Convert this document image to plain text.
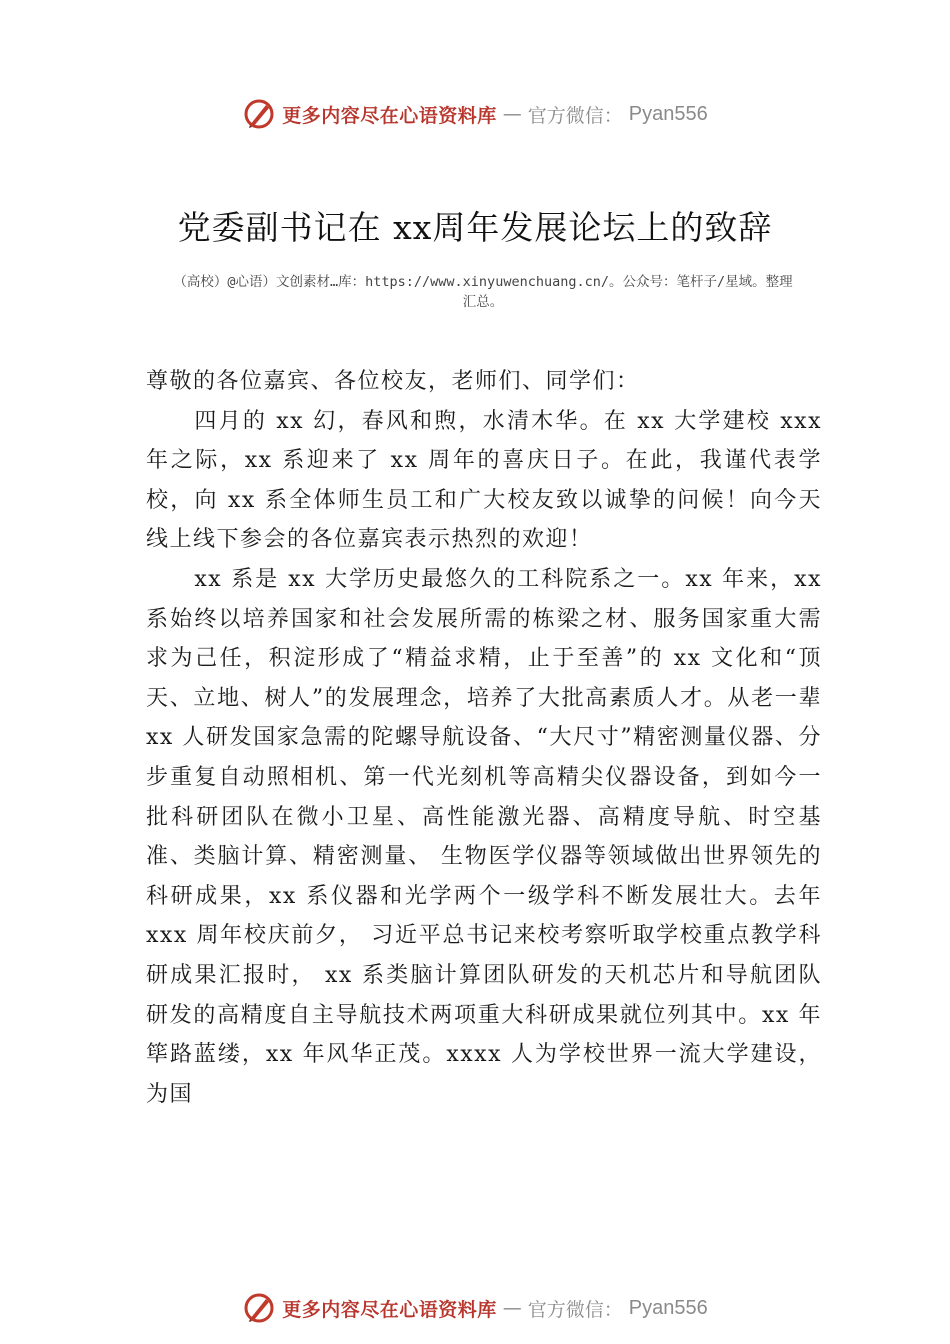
更多内容尽在心语资料库 — 官方微信： Pyan556
党委副书记在 xx周年发展论坛上的致辞

（高校）@心语）文创素材…库：https://www.xinyuwenchuang.cn/。公众号：笔杆子/星域。整理汇总。

尊敬的各位嘉宾、各位校友，老师们、同学们：

四月的 xx 幻，春风和煦，水清木华。在 xx 大学建校 xxx 年之际，xx 系迎来了 xx 周年的喜庆日子。在此，我谨代表学校，向 xx 系全体师生员工和广大校友致以诚挚的问候！向今天线上线下参会的各位嘉宾表示热烈的欢迎！

xx 系是 xx 大学历史最悠久的工科院系之一。xx 年来，xx 系始终以培养国家和社会发展所需的栋梁之材、服务国家重大需求为己任，积淀形成了“精益求精，止于至善”的 xx 文化和“顶天、立地、树人”的发展理念，培养了大批高素质人才。从老一辈 xx 人研发国家急需的陀螺导航设备、“大尺寸”精密测量仪器、分步重复自动照相机、第一代光刻机等高精尖仪器设备，到如今一批科研团队在微小卫星、高性能激光器、高精度导航、时空基准、类脑计算、精密测量、 生物医学仪器等领域做出世界领先的科研成果，xx 系仪器和光学两个一级学科不断发展壮大。去年 xxx 周年校庆前夕， 习近平总书记来校考察听取学校重点教学科研成果汇报时， xx 系类脑计算团队研发的天机芯片和导航团队研发的高精度自主导航技术两项重大科研成果就位列其中。xx 年筚路蓝缕，xx 年风华正茂。xxxx 人为学校世界一流大学建设，为国

更多内容尽在心语资料库 — 官方微信： Pyan556
